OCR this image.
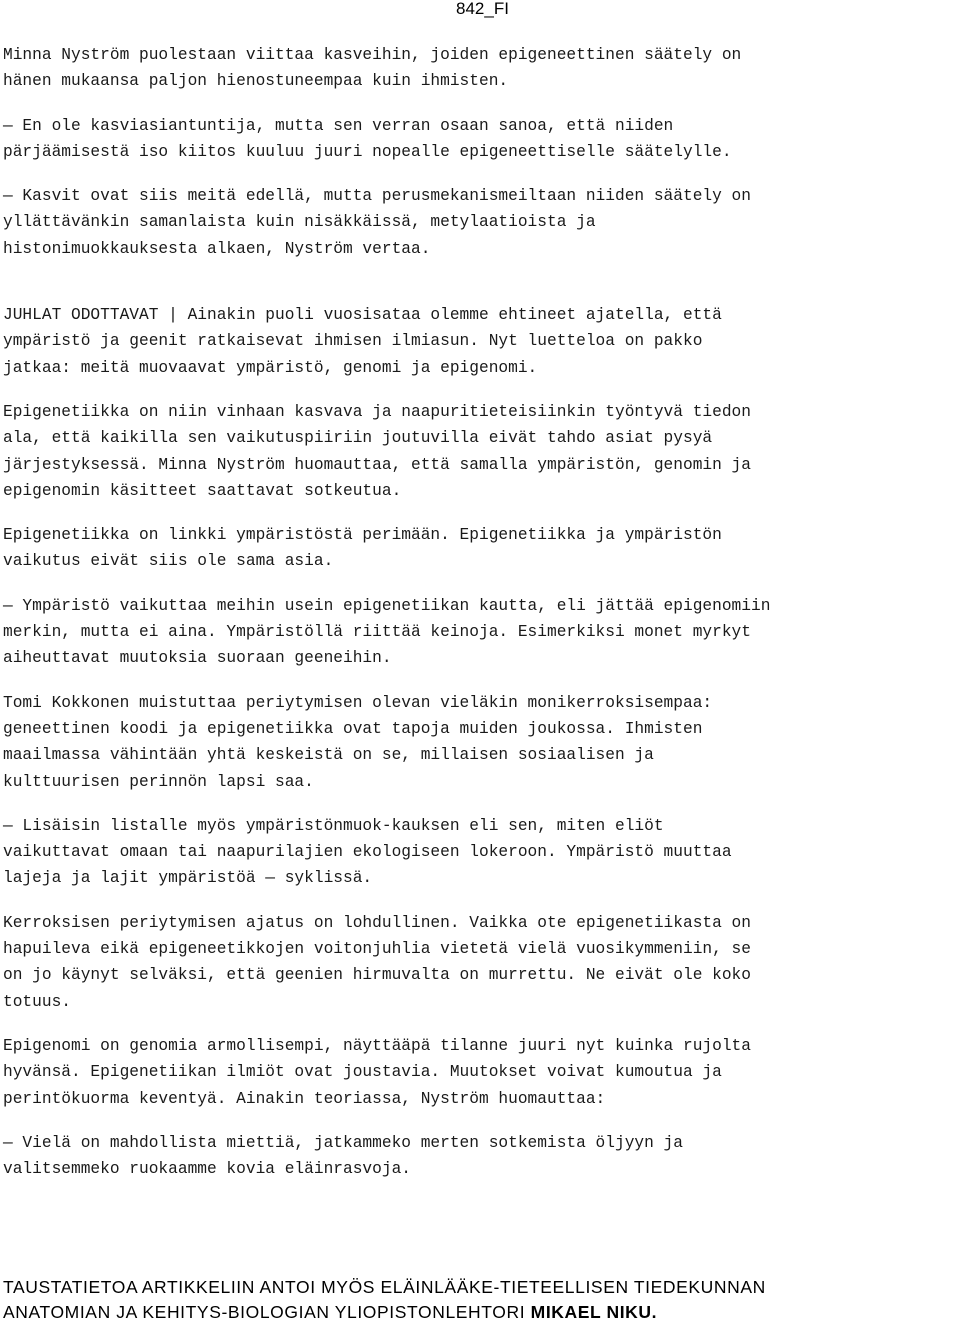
842_FI

Minna Nyström puolestaan viittaa kasveihin, joiden epigeneettinen säätely on
hänen mukaansa paljon hienostuneempaa kuin ihmisten.

— En ole kasviasiantuntija, mutta sen verran osaan sanoa, että niiden
pärjäämisestä iso kiitos kuuluu juuri nopealle epigeneettiselle säätelylle.

— Kasvit ovat siis meitä edellä, mutta perusmekanismeiltaan niiden säätely on
yllättävänkin samanlaista kuin nisäkkäissä, metylaatioista ja
histonimuokkauksesta alkaen, Nyström vertaa.

JUHLAT ODOTTAVAT | Ainakin puoli vuosisataa olemme ehtineet ajatella, että
ympäristö ja geenit ratkaisevat ihmisen ilmiasun. Nyt luetteloa on pakko
jatkaa: meitä muovaavat ympäristö, genomi ja epigenomi.

Epigenetiikka on niin vinhaan kasvava ja naapuritieteisiinkin työntyvä tiedon
ala, että kaikilla sen vaikutuspiiriin joutuvilla eivät tahdo asiat pysyä
järjestyksessä. Minna Nyström huomauttaa, että samalla ympäristön, genomin ja
epigenomin käsitteet saattavat sotkeutua.

Epigenetiikka on linkki ympäristöstä perimään. Epigenetiikka ja ympäristön
vaikutus eivät siis ole sama asia.

— Ympäristö vaikuttaa meihin usein epigenetiikan kautta, eli jättää epigenomiin
merkin, mutta ei aina. Ympäristöllä riittää keinoja. Esimerkiksi monet myrkyt
aiheuttavat muutoksia suoraan geeneihin.

Tomi Kokkonen muistuttaa periytymisen olevan vieläkin monikerroksisempaa:
geneettinen koodi ja epigenetiikka ovat tapoja muiden joukossa. Ihmisten
maailmassa vähintään yhtä keskeistä on se, millaisen sosiaalisen ja
kulttuurisen perinnön lapsi saa.

— Lisäisin listalle myös ympäristönmuok-kauksen eli sen, miten eliöt
vaikuttavat omaan tai naapurilajien ekologiseen lokeroon. Ympäristö muuttaa
lajeja ja lajit ympäristöä — syklissä.

Kerroksisen periytymisen ajatus on lohdullinen. Vaikka ote epigenetiikasta on
hapuileva eikä epigeneetikkojen voitonjuhlia vietetä vielä vuosikymmeniin, se
on jo käynyt selväksi, että geenien hirmuvalta on murrettu. Ne eivät ole koko
totuus.

Epigenomi on genomia armollisempi, näyttääpä tilanne juuri nyt kuinka rujolta
hyvänsä. Epigenetiikan ilmiöt ovat joustavia. Muutokset voivat kumoutua ja
perintökuorma keventyä. Ainakin teoriassa, Nyström huomauttaa:

— Vielä on mahdollista miettiä, jatkammeko merten sotkemista öljyyn ja
valitsemmeko ruokaamme kovia eläinrasvoja.

TAUSTATIETOA ARTIKKELIIN ANTOI MYÖS ELÄINLÄÄKE-TIETEELLISEN TIEDEKUNNAN
ANATOMIAN JA KEHITYS-BIOLOGIAN YLIOPISTONLEHTORI MIKAEL NIKU.
